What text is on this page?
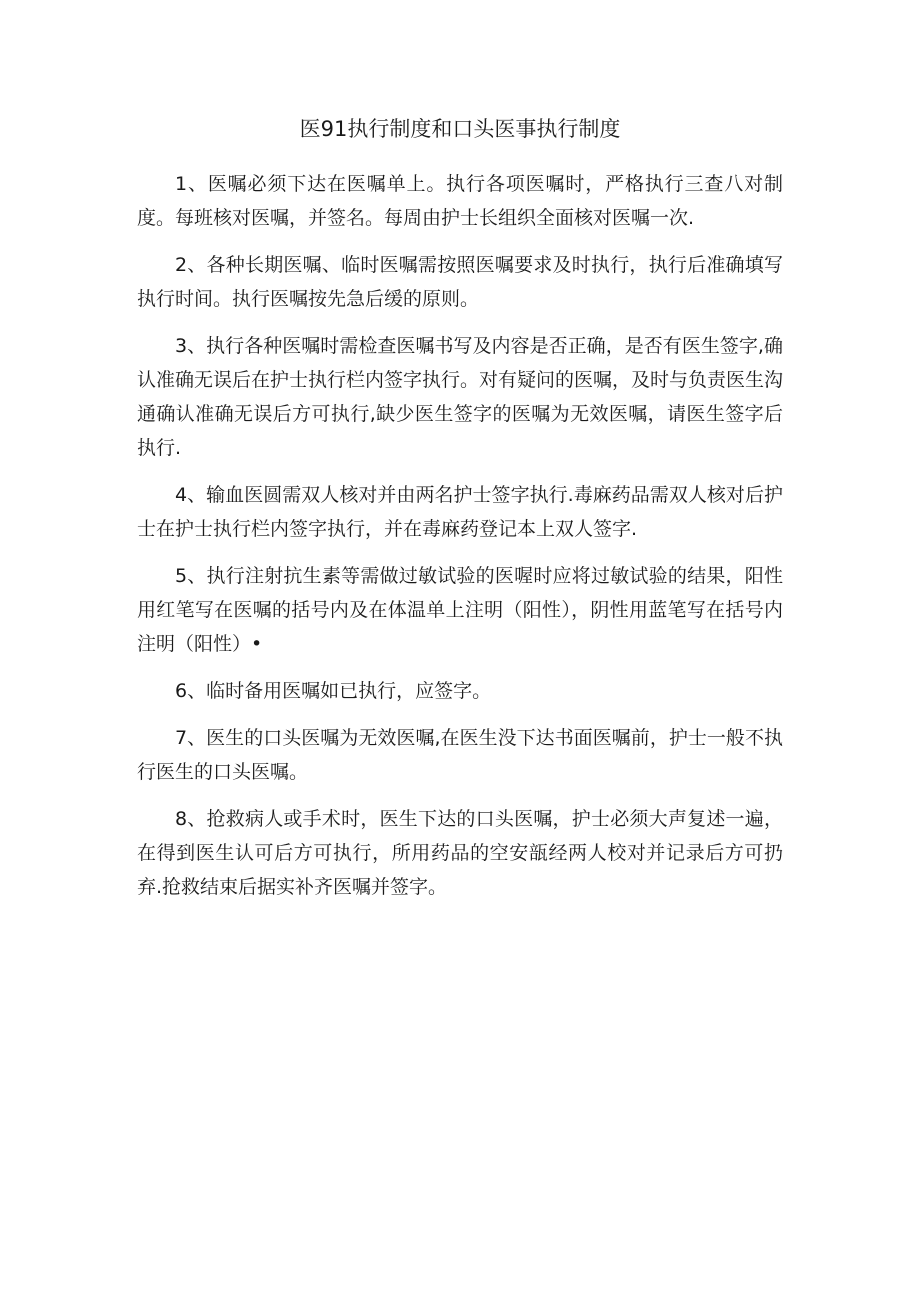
医91执行制度和口头医事执行制度

1、医嘱必须下达在医嘱单上。执行各项医嘱时，严格执行三查八对制度。每班核对医嘱，并签名。每周由护士长组织全面核对医嘱一次.

2、各种长期医嘱、临时医嘱需按照医嘱要求及时执行，执行后准确填写执行时间。执行医嘱按先急后缓的原则。

3、执行各种医嘱时需检查医嘱书写及内容是否正确，是否有医生签字,确认准确无误后在护士执行栏内签字执行。对有疑问的医嘱，及时与负责医生沟通确认准确无误后方可执行,缺少医生签字的医嘱为无效医嘱，请医生签字后执行.

4、输血医圆需双人核对并由两名护士签字执行.毒麻药品需双人核对后护士在护士执行栏内签字执行，并在毒麻药登记本上双人签字.

5、执行注射抗生素等需做过敏试验的医喔时应将过敏试验的结果，阳性用红笔写在医嘱的括号内及在体温单上注明（阳性），阴性用蓝笔写在括号内注明（阳性）•

6、临时备用医嘱如已执行，应签字。

7、医生的口头医嘱为无效医嘱,在医生没下达书面医嘱前，护士一般不执行医生的口头医嘱。

8、抢救病人或手术时，医生下达的口头医嘱，护士必须大声复述一遍，在得到医生认可后方可执行，所用药品的空安瓿经两人校对并记录后方可扔弃.抢救结束后据实补齐医嘱并签字。
